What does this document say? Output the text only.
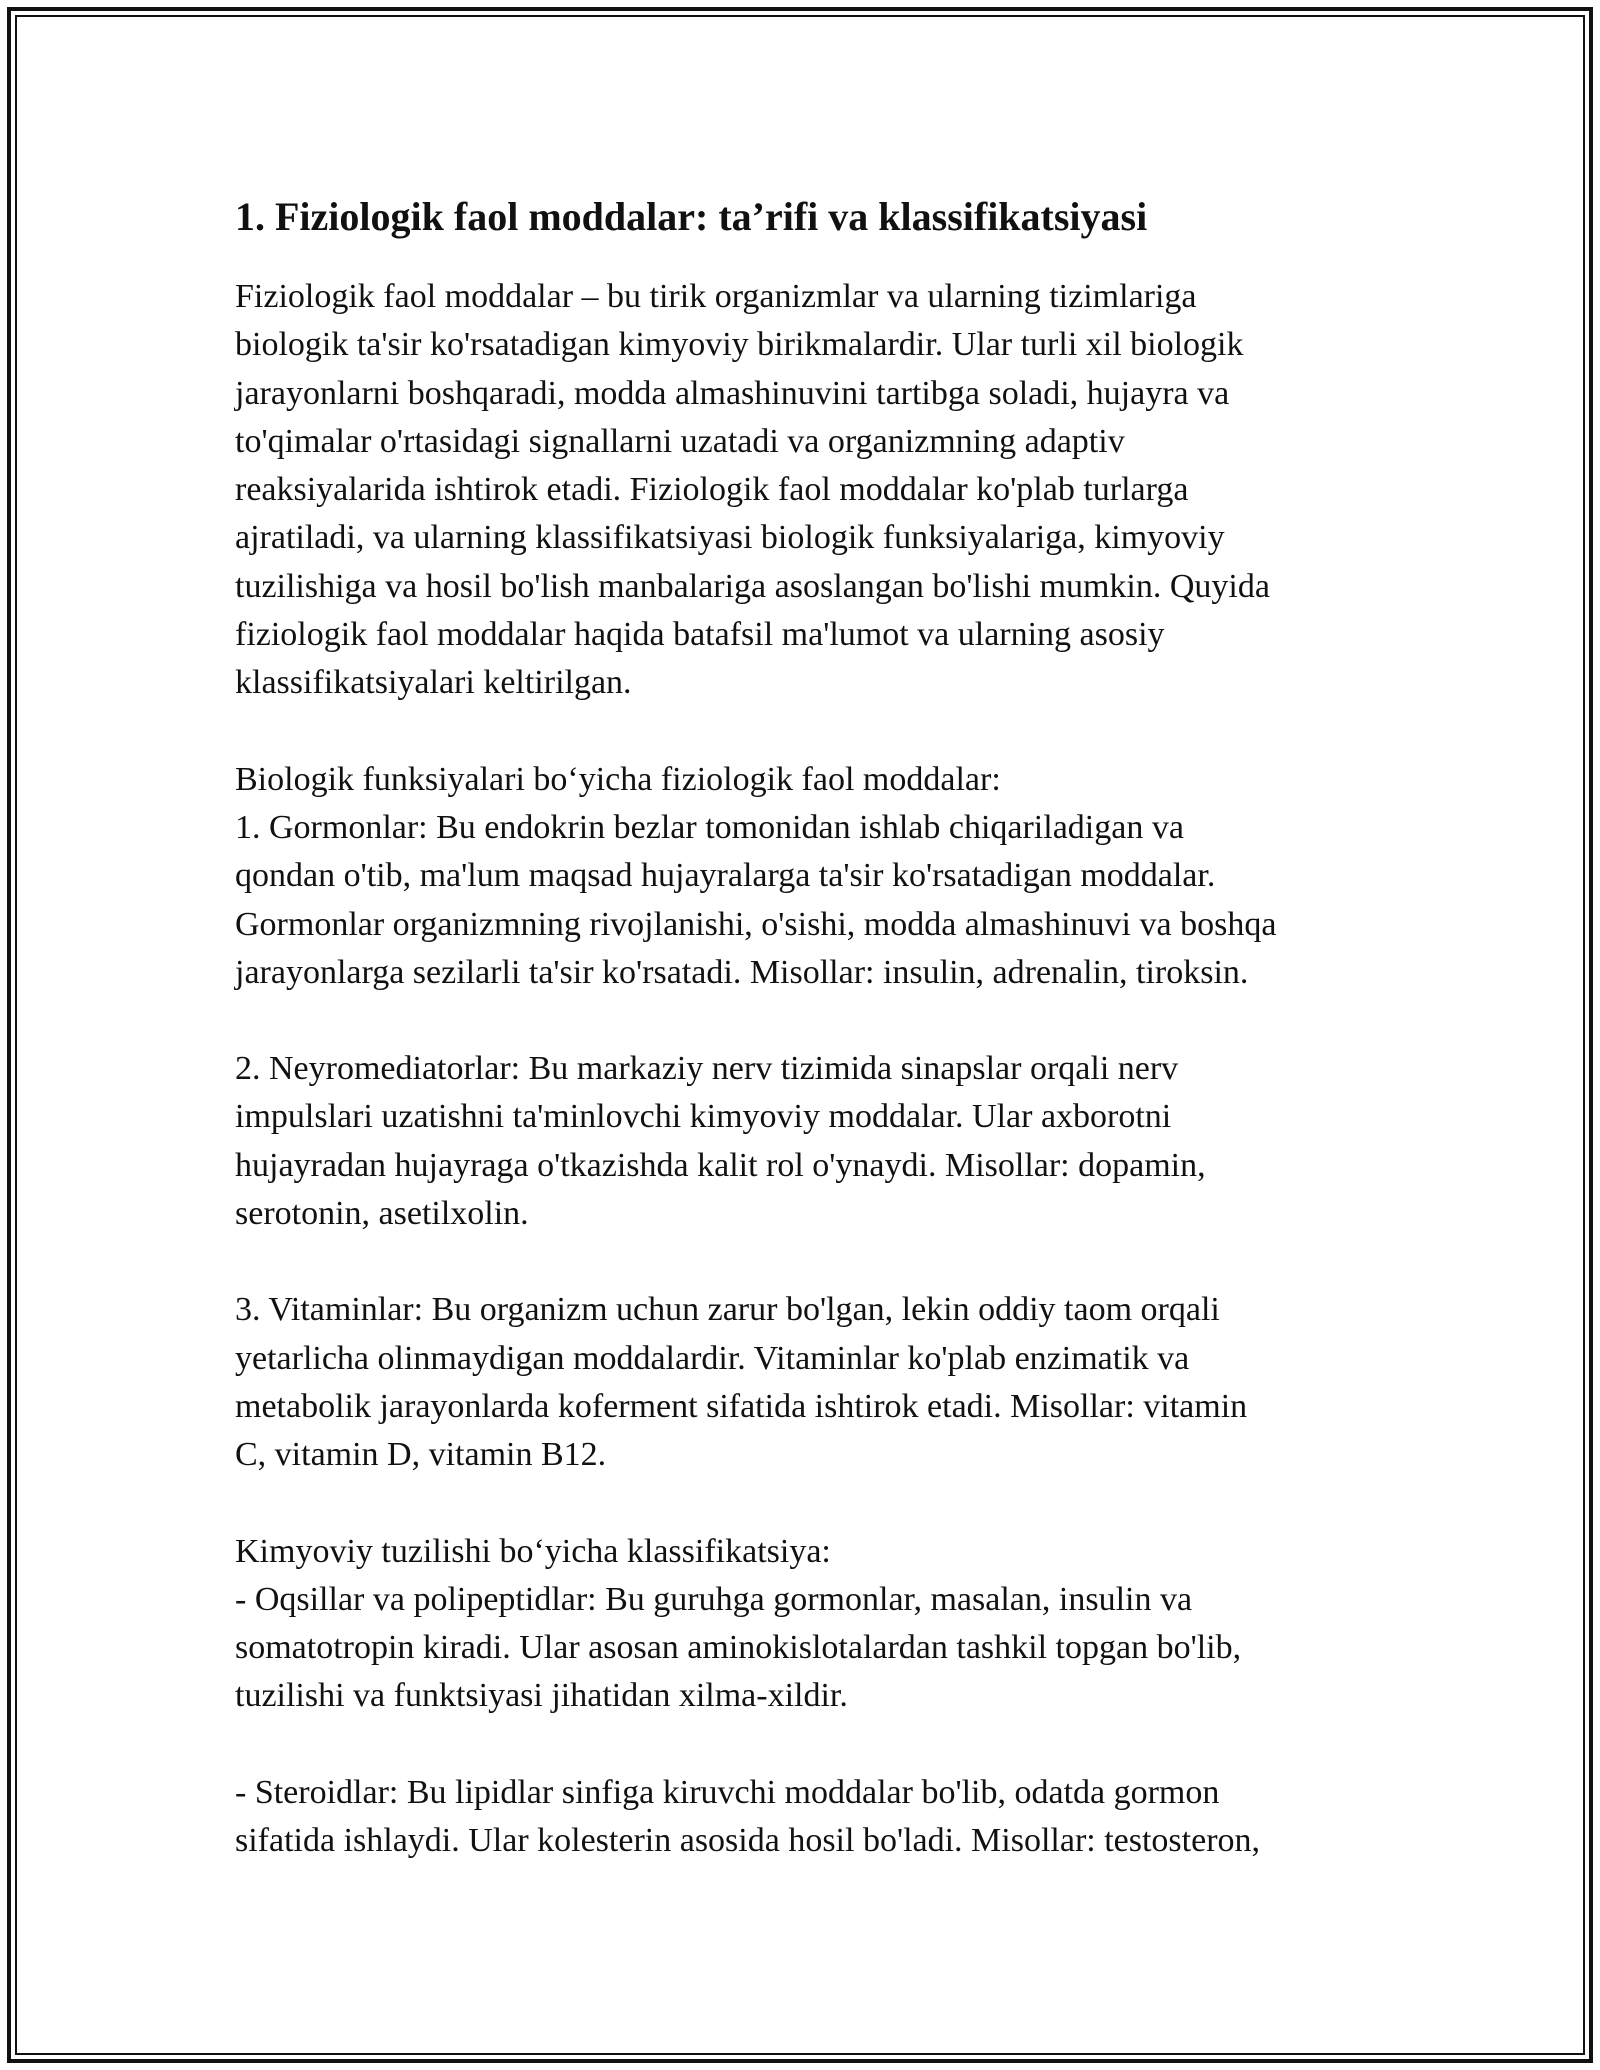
1. Fiziologik faol moddalar: ta’rifi va klassifikatsiyasi
Fiziologik faol moddalar – bu tirik organizmlar va ularning tizimlariga
biologik ta'sir ko'rsatadigan kimyoviy birikmalardir. Ular turli xil biologik
jarayonlarni boshqaradi, modda almashinuvini tartibga soladi, hujayra va
to'qimalar o'rtasidagi signallarni uzatadi va organizmning adaptiv
reaksiyalarida ishtirok etadi. Fiziologik faol moddalar ko'plab turlarga
ajratiladi, va ularning klassifikatsiyasi biologik funksiyalariga, kimyoviy
tuzilishiga va hosil bo'lish manbalariga asoslangan bo'lishi mumkin. Quyida
fiziologik faol moddalar haqida batafsil ma'lumot va ularning asosiy
klassifikatsiyalari keltirilgan.
Biologik funksiyalari bo‘yicha fiziologik faol moddalar:
1. Gormonlar: Bu endokrin bezlar tomonidan ishlab chiqariladigan va
qondan o'tib, ma'lum maqsad hujayralarga ta'sir ko'rsatadigan moddalar.
Gormonlar organizmning rivojlanishi, o'sishi, modda almashinuvi va boshqa
jarayonlarga sezilarli ta'sir ko'rsatadi. Misollar: insulin, adrenalin, tiroksin.
2. Neyromediatorlar: Bu markaziy nerv tizimida sinapslar orqali nerv
impulslari uzatishni ta'minlovchi kimyoviy moddalar. Ular axborotni
hujayradan hujayraga o'tkazishda kalit rol o'ynaydi. Misollar: dopamin,
serotonin, asetilxolin.
3. Vitaminlar: Bu organizm uchun zarur bo'lgan, lekin oddiy taom orqali
yetarlicha olinmaydigan moddalardir. Vitaminlar ko'plab enzimatik va
metabolik jarayonlarda koferment sifatida ishtirok etadi. Misollar: vitamin
C, vitamin D, vitamin B12.
Kimyoviy tuzilishi bo‘yicha klassifikatsiya:
- Oqsillar va polipeptidlar: Bu guruhga gormonlar, masalan, insulin va
somatotropin kiradi. Ular asosan aminokislotalardan tashkil topgan bo'lib,
tuzilishi va funktsiyasi jihatidan xilma-xildir.
- Steroidlar: Bu lipidlar sinfiga kiruvchi moddalar bo'lib, odatda gormon
sifatida ishlaydi. Ular kolesterin asosida hosil bo'ladi. Misollar: testosteron,
